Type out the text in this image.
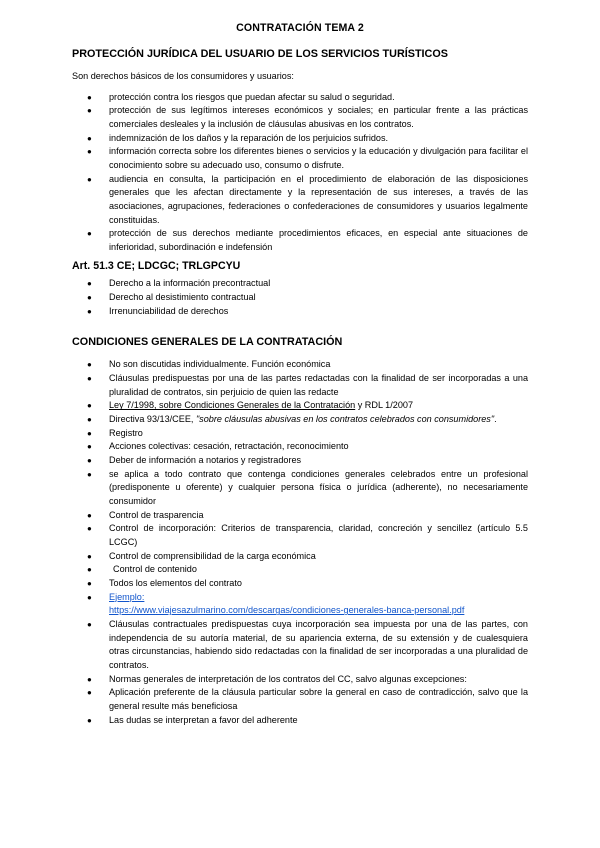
CONTRATACIÓN TEMA 2
PROTECCIÓN JURÍDICA DEL USUARIO DE LOS SERVICIOS TURÍSTICOS
Son derechos básicos de los consumidores y usuarios:
● protección contra los riesgos que puedan afectar su salud o seguridad.
● protección de sus legítimos intereses económicos y sociales; en particular frente a las prácticas comerciales desleales y la inclusión de cláusulas abusivas en los contratos.
● indemnización de los daños y la reparación de los perjuicios sufridos.
● información correcta sobre los diferentes bienes o servicios y la educación y divulgación para facilitar el conocimiento sobre su adecuado uso, consumo o disfrute.
● audiencia en consulta, la participación en el procedimiento de elaboración de las disposiciones generales que les afectan directamente y la representación de sus intereses, a través de las asociaciones, agrupaciones, federaciones o confederaciones de consumidores y usuarios legalmente constituidas.
● protección de sus derechos mediante procedimientos eficaces, en especial ante situaciones de inferioridad, subordinación e indefensión
Art. 51.3 CE; LDCGC; TRLGPCYU
● Derecho a la información precontractual
● Derecho al desistimiento contractual
● Irrenunciabilidad de derechos
CONDICIONES GENERALES DE LA CONTRATACIÓN
● No son discutidas individualmente. Función económica
● Cláusulas predispuestas por una de las partes redactadas con la finalidad de ser incorporadas a una pluralidad de contratos, sin perjuicio de quien las redacte
● Ley 7/1998, sobre Condiciones Generales de la Contratación y RDL 1/2007
● Directiva 93/13/CEE, "sobre cláusulas abusivas en los contratos celebrados con consumidores".
● Registro
● Acciones colectivas: cesación, retractación, reconocimiento
● Deber de información a notarios y registradores
● se aplica a todo contrato que contenga condiciones generales celebrados entre un profesional (predisponente u oferente) y cualquier persona física o jurídica (adherente), no necesariamente consumidor
● Control de trasparencia
● Control de incorporación: Criterios de transparencia, claridad, concreción y sencillez (artículo 5.5 LCGC)
● Control de comprensibilidad de la carga económica
● Control de contenido
● Todos los elementos del contrato
● Ejemplo:
https://www.viajesazulmarino.com/descargas/condiciones-generales-banca-personal.pdf
● Cláusulas contractuales predispuestas cuya incorporación sea impuesta por una de las partes, con independencia de su autoría material, de su apariencia externa, de su extensión y de cualesquiera otras circunstancias, habiendo sido redactadas con la finalidad de ser incorporadas a una pluralidad de contratos.
● Normas generales de interpretación de los contratos del CC, salvo algunas excepciones:
● Aplicación preferente de la cláusula particular sobre la general en caso de contradicción, salvo que la general resulte más beneficiosa
● Las dudas se interpretan a favor del adherente
